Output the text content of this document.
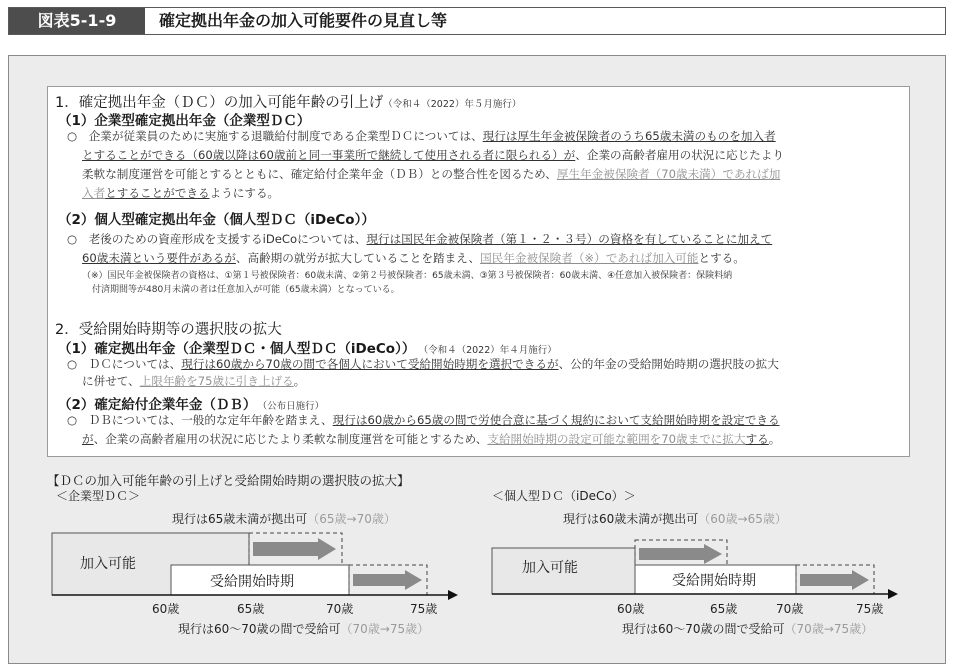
図表5-1-9	確定拠出年金の加入可能要件の見直し等
1．確定拠出年金（ＤＣ）の加入可能年齢の引上げ（令和４（2022）年５月施行）
（1）企業型確定拠出年金（企業型ＤＣ）
○　企業が従業員のために実施する退職給付制度である企業型ＤＣについては、現行は厚生年金被保険者のうち65歳未満のものを加入者
とすることができる（60歳以降は60歳前と同一事業所で継続して使用される者に限られる）が、企業の高齢者雇用の状況に応じたより
柔軟な制度運営を可能とするとともに、確定給付企業年金（ＤＢ）との整合性を図るため、厚生年金被保険者（70歳未満）であれば加
入者とすることができるようにする。
（2）個人型確定拠出年金（個人型ＤＣ（iDeCo））
○　老後のための資産形成を支援するiDeCoについては、現行は国民年金被保険者（第１・２・３号）の資格を有していることに加えて
60歳未満という要件があるが、高齢期の就労が拡大していることを踏まえ、国民年金被保険者（※）であれば加入可能とする。
（※）国民年金被保険者の資格は、①第１号被保険者：60歳未満、②第２号被保険者：65歳未満、③第３号被保険者：60歳未満、④任意加入被保険者：保険料納
付済期間等が480月未満の者は任意加入が可能（65歳未満）となっている。
2．受給開始時期等の選択肢の拡大
（1）確定拠出年金（企業型ＤＣ・個人型ＤＣ（iDeCo）） （令和４（2022）年４月施行）
○　ＤＣについては、現行は60歳から70歳の間で各個人において受給開始時期を選択できるが、公的年金の受給開始時期の選択肢の拡大
に併せて、上限年齢を75歳に引き上げる。
（2）確定給付企業年金（ＤＢ） （公布日施行）
○　ＤＢについては、一般的な定年年齢を踏まえ、現行は60歳から65歳の間で労使合意に基づく規約において支給開始時期を設定できる
が、企業の高齢者雇用の状況に応じたより柔軟な制度運営を可能とするため、支給開始時期の設定可能な範囲を70歳までに拡大する。
【ＤＣの加入可能年齢の引上げと受給開始時期の選択肢の拡大】
＜企業型ＤＣ＞	＜個人型ＤＣ（iDeCo）＞
現行は65歳未満が拠出可（65歳→70歳）
加入可能
受給開始時期
60歳	65歳	70歳	75歳
現行は60～70歳の間で受給可（70歳→75歳）
現行は60歳未満が拠出可（60歳→65歳）
加入可能
受給開始時期
60歳	65歳	70歳	75歳
現行は60～70歳の間で受給可（70歳→75歳）
